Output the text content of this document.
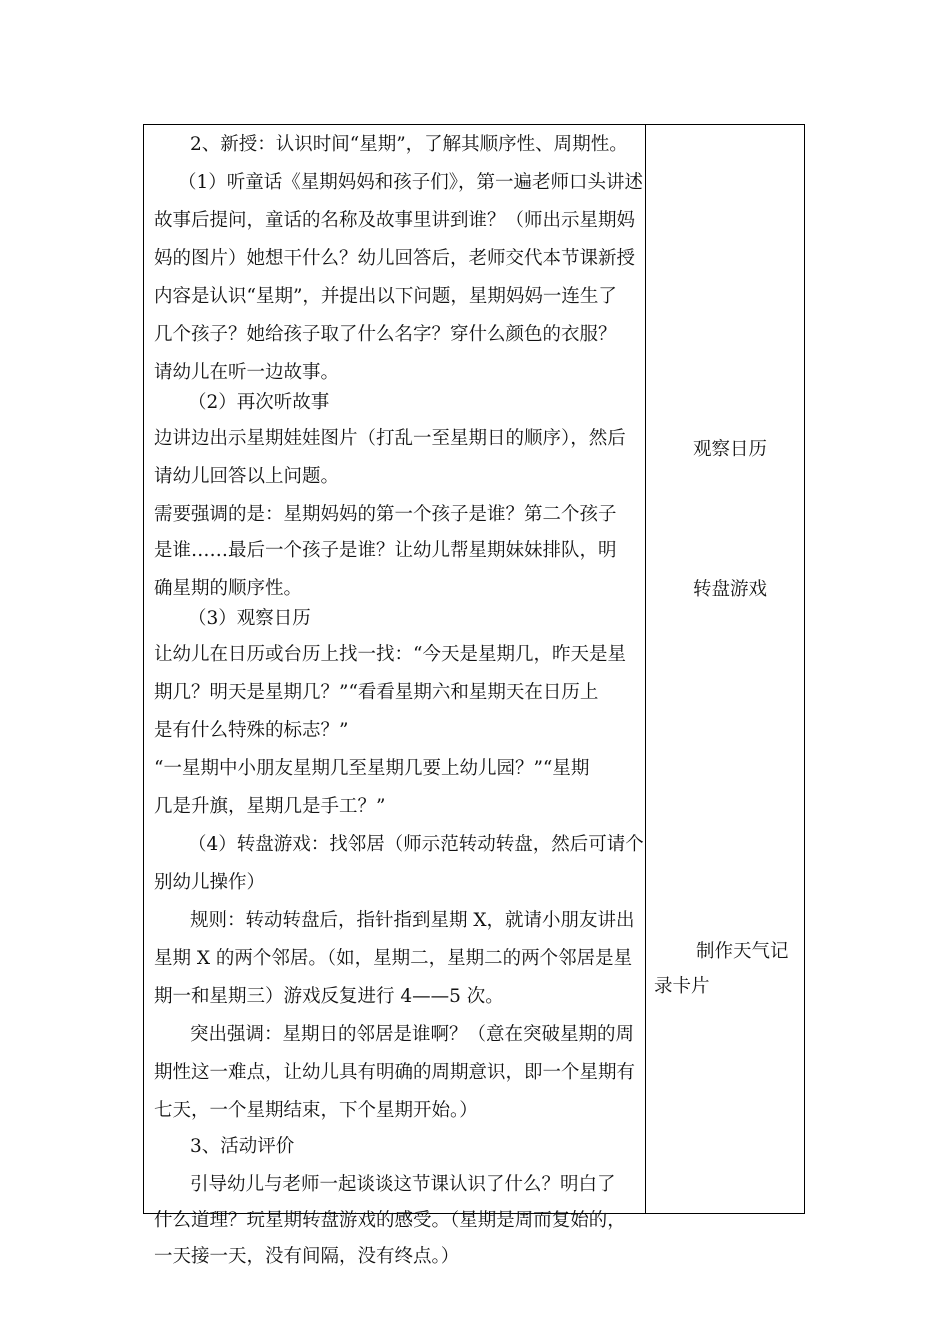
2、新授：认识时间“星期”，了解其顺序性、周期性。
（1）听童话《星期妈妈和孩子们》，第一遍老师口头讲述
故事后提问，童话的名称及故事里讲到谁？（师出示星期妈
妈的图片）她想干什么？幼儿回答后，老师交代本节课新授
内容是认识“星期”，并提出以下问题，星期妈妈一连生了
几个孩子？她给孩子取了什么名字？穿什么颜色的衣服？
请幼儿在听一边故事。
（2）再次听故事
边讲边出示星期娃娃图片（打乱一至星期日的顺序），然后
请幼儿回答以上问题。
需要强调的是：星期妈妈的第一个孩子是谁？第二个孩子
是谁……最后一个孩子是谁？让幼儿帮星期妹妹排队，明
确星期的顺序性。
（3）观察日历
让幼儿在日历或台历上找一找：“今天是星期几，昨天是星
期几？明天是星期几？”“看看星期六和星期天在日历上
是有什么特殊的标志？”
“一星期中小朋友星期几至星期几要上幼儿园？”“星期
几是升旗，星期几是手工？”
（4）转盘游戏：找邻居（师示范转动转盘，然后可请个
别幼儿操作）
规则：转动转盘后，指针指到星期 X，就请小朋友讲出
星期 X 的两个邻居。（如，星期二，星期二的两个邻居是星
期一和星期三）游戏反复进行 4——5 次。
突出强调：星期日的邻居是谁啊？（意在突破星期的周
期性这一难点，让幼儿具有明确的周期意识，即一个星期有
七天，一个星期结束，下个星期开始。）
3、活动评价
引导幼儿与老师一起谈谈这节课认识了什么？明白了
什么道理？玩星期转盘游戏的感受。（星期是周而复始的，
一天接一天，没有间隔，没有终点。）
观察日历
转盘游戏
制作天气记
录卡片
